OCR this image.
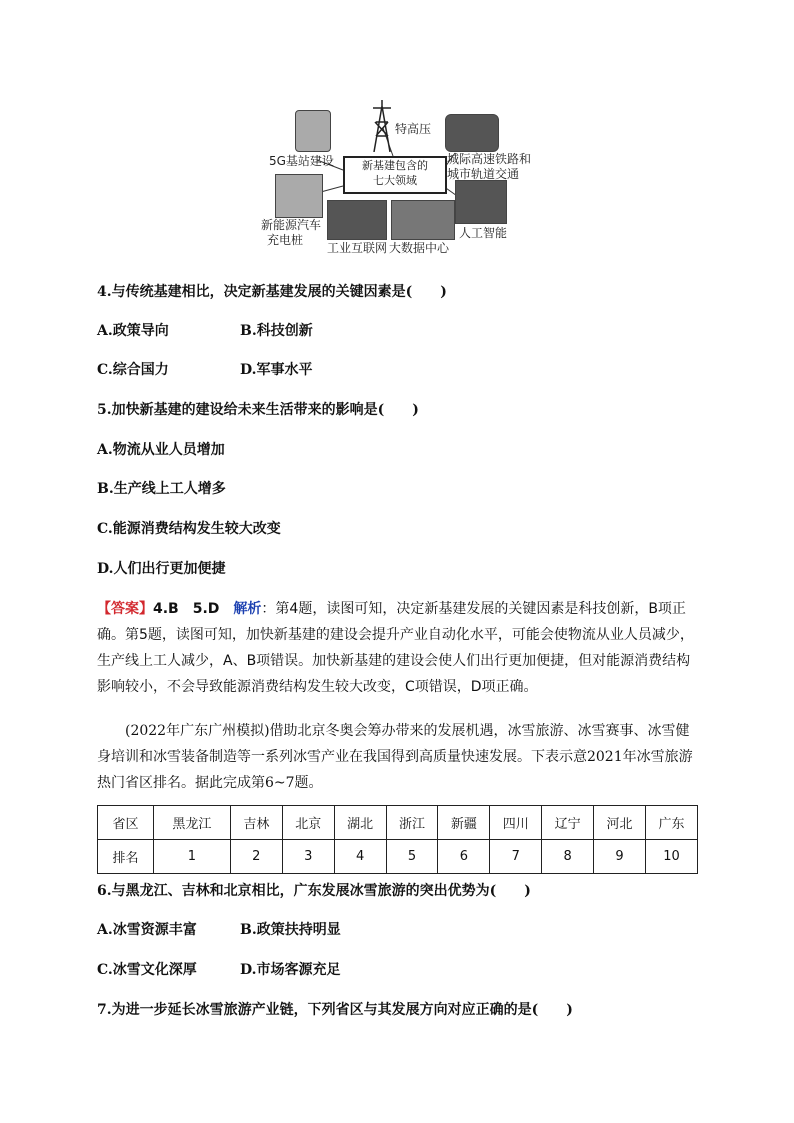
新基建包含的
七大领域
5G基站建设
特高压
城际高速铁路和
城市轨道交通
新能源汽车
充电桩
工业互联网 大数据中心
人工智能
4.与传统基建相比，决定新基建发展的关键因素是(　　)
A.政策导向	B.科技创新
C.综合国力	D.军事水平
5.加快新基建的建设给未来生活带来的影响是(　　)
A.物流从业人员增加
B.生产线上工人增多
C.能源消费结构发生较大改变
D.人们出行更加便捷
【答案】4.B　5.D　解析：第4题，读图可知，决定新基建发展的关键因素是科技创新，B项正确。第5题，读图可知，加快新基建的建设会提升产业自动化水平，可能会使物流从业人员减少，生产线上工人减少，A、B项错误。加快新基建的建设会使人们出行更加便捷，但对能源消费结构影响较小，不会导致能源消费结构发生较大改变，C项错误，D项正确。
(2022年广东广州模拟)借助北京冬奥会筹办带来的发展机遇，冰雪旅游、冰雪赛事、冰雪健身培训和冰雪装备制造等一系列冰雪产业在我国得到高质量快速发展。下表示意2021年冰雪旅游热门省区排名。据此完成第6~7题。
省区	黑龙江	吉林	北京	湖北	浙江	新疆	四川	辽宁	河北	广东
排名	1	2	3	4	5	6	7	8	9	10
6.与黑龙江、吉林和北京相比，广东发展冰雪旅游的突出优势为(　　)
A.冰雪资源丰富	B.政策扶持明显
C.冰雪文化深厚	D.市场客源充足
7.为进一步延长冰雪旅游产业链，下列省区与其发展方向对应正确的是(　　)
